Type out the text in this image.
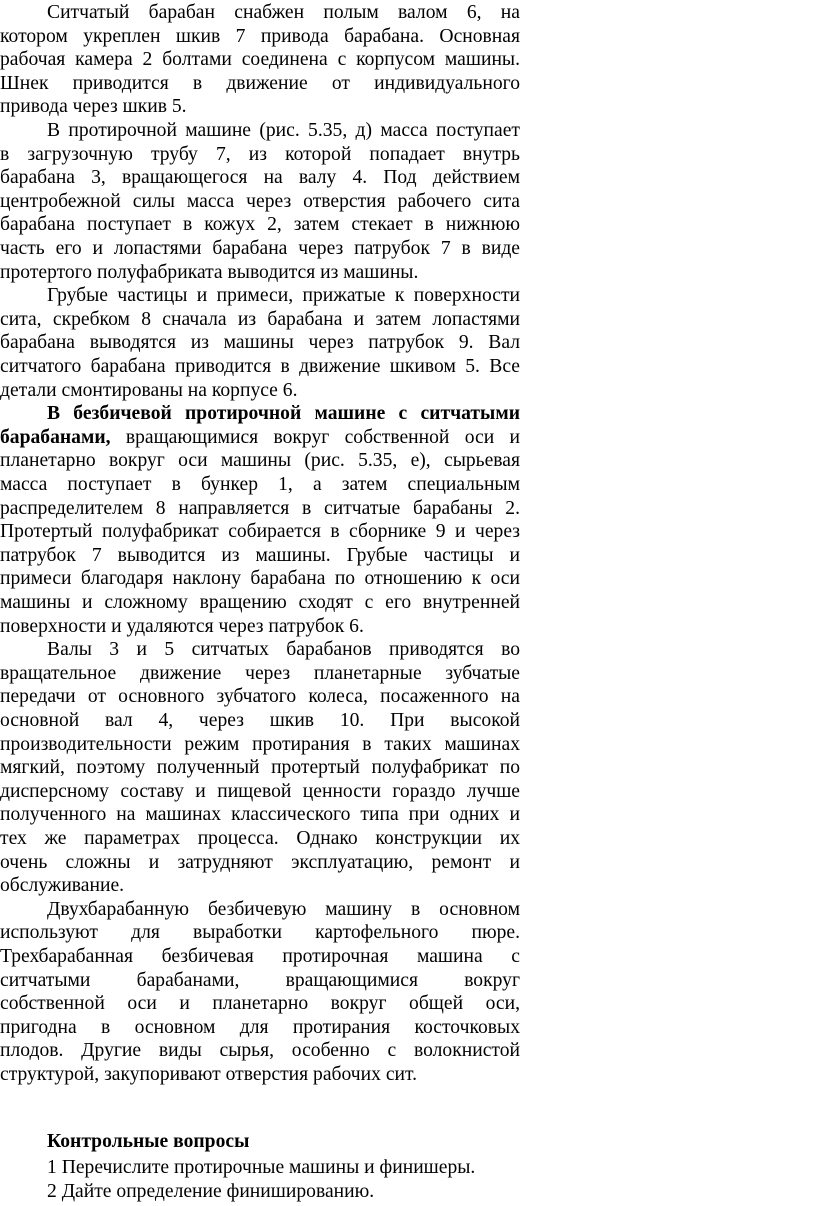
Ситчатый барабан снабжен полым валом 6, на
котором укреплен шкив 7 привода барабана. Основная
рабочая камера 2 болтами соединена с корпусом машины.
Шнек приводится в движение от индивидуального
привода через шкив 5.
В протирочной машине (рис. 5.35, д) масса поступает
в загрузочную трубу 7, из которой попадает внутрь
барабана 3, вращающегося на валу 4. Под действием
центробежной силы масса через отверстия рабочего сита
барабана поступает в кожух 2, затем стекает в нижнюю
часть его и лопастями барабана через патрубок 7 в виде
протертого полуфабриката выводится из машины.
Грубые частицы и примеси, прижатые к поверхности
сита, скребком 8 сначала из барабана и затем лопастями
барабана выводятся из машины через патрубок 9. Вал
ситчатого барабана приводится в движение шкивом 5. Все
детали смонтированы на корпусе 6.
В безбичевой протирочной машине с ситчатыми
барабанами, вращающимися вокруг собственной оси и
планетарно вокруг оси машины (рис. 5.35, е), сырьевая
масса поступает в бункер 1, а затем специальным
распределителем 8 направляется в ситчатые барабаны 2.
Протертый полуфабрикат собирается в сборнике 9 и через
патрубок 7 выводится из машины. Грубые частицы и
примеси благодаря наклону барабана по отношению к оси
машины и сложному вращению сходят с его внутренней
поверхности и удаляются через патрубок 6.
Валы 3 и 5 ситчатых барабанов приводятся во
вращательное движение через планетарные зубчатые
передачи от основного зубчатого колеса, посаженного на
основной вал 4, через шкив 10. При высокой
производительности режим протирания в таких машинах
мягкий, поэтому полученный протертый полуфабрикат по
дисперсному составу и пищевой ценности гораздо лучше
полученного на машинах классического типа при одних и
тех же параметрах процесса. Однако конструкции их
очень сложны и затрудняют эксплуатацию, ремонт и
обслуживание.
Двухбарабанную безбичевую машину в основном
используют для выработки картофельного пюре.
Трехбарабанная безбичевая протирочная машина с
ситчатыми барабанами, вращающимися вокруг
собственной оси и планетарно вокруг общей оси,
пригодна в основном для протирания косточковых
плодов. Другие виды сырья, особенно с волокнистой
структурой, закупоривают отверстия рабочих сит.
Контрольные вопросы
1 Перечислите протирочные машины и финишеры.
2 Дайте определение финишированию.
